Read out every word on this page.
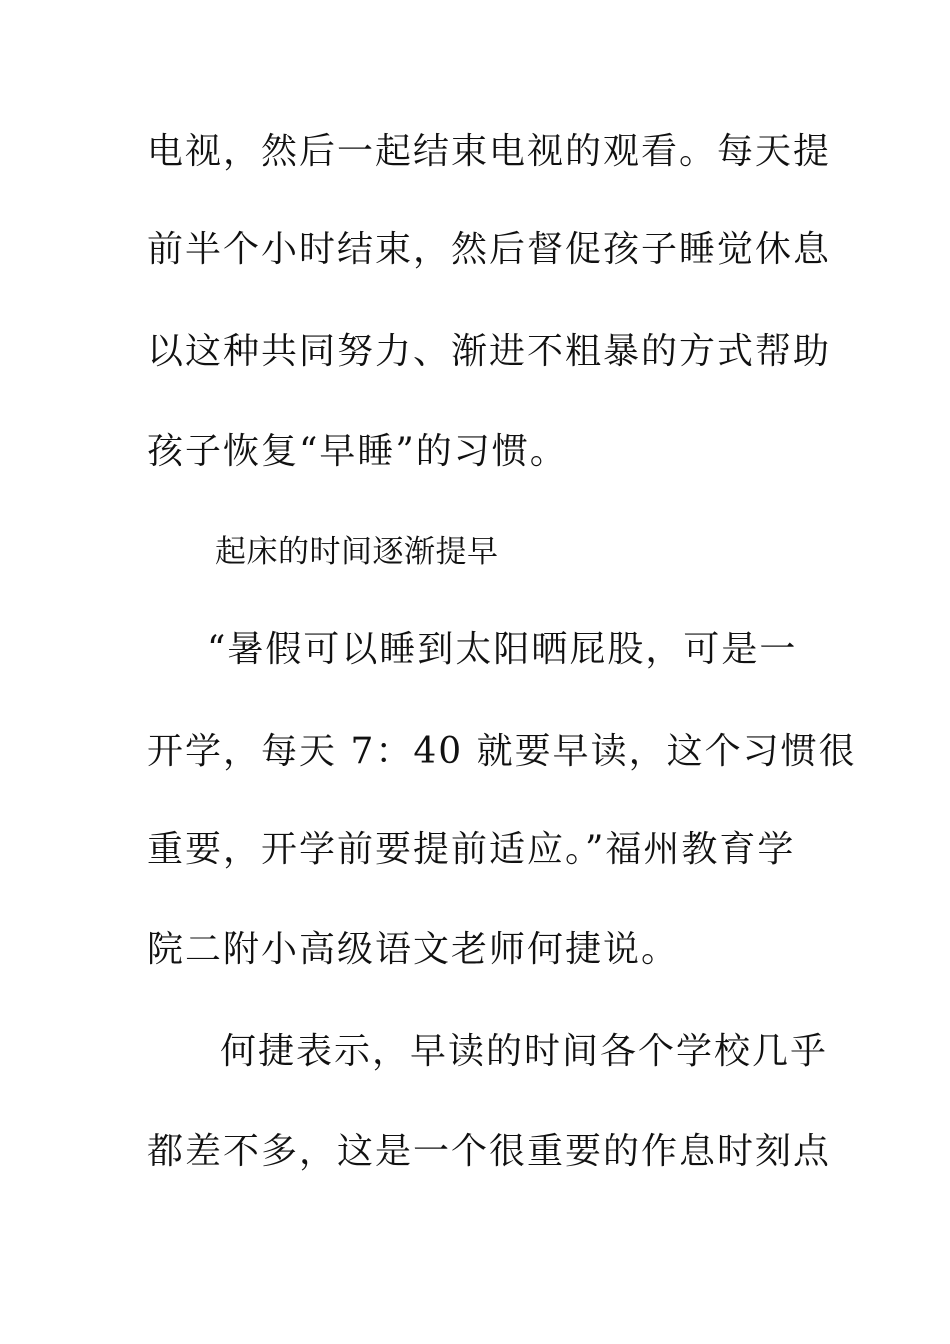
电视，然后一起结束电视的观看。每天提
前半个小时结束，然后督促孩子睡觉休息
以这种共同努力、渐进不粗暴的方式帮助
孩子恢复“早睡”的习惯。
起床的时间逐渐提早
“暑假可以睡到太阳晒屁股，可是一
开学，每天 7：40 就要早读，这个习惯很
重要，开学前要提前适应。”福州教育学
院二附小高级语文老师何捷说。
何捷表示，早读的时间各个学校几乎
都差不多，这是一个很重要的作息时刻点
